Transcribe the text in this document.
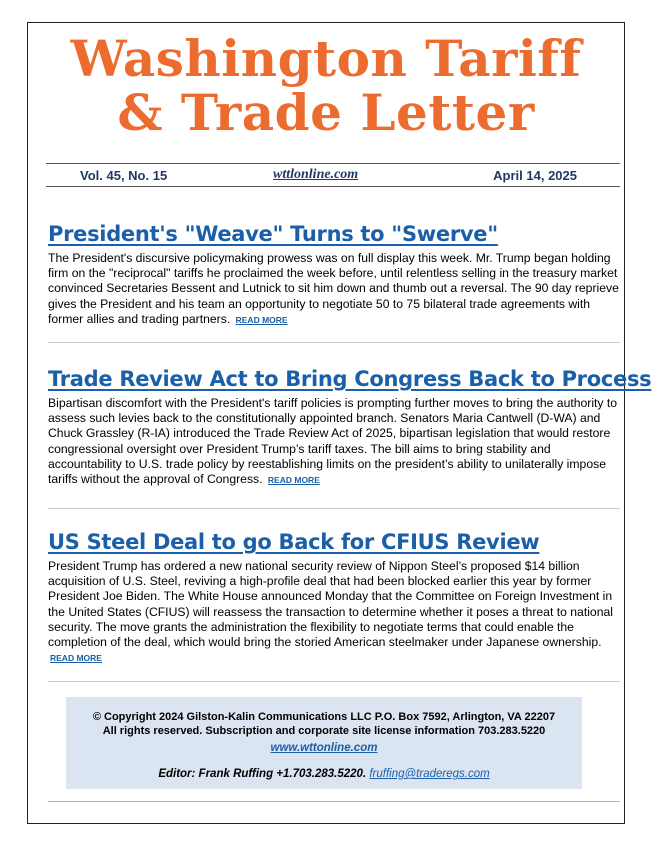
Washington Tariff
& Trade Letter
Vol. 45, No. 15	wttlonline.com	April 14, 2025
President's "Weave" Turns to "Swerve"

The President's discursive policymaking prowess was on full display this week. Mr. Trump began holding firm on the "reciprocal" tariffs he proclaimed the week before, until relentless selling in the treasury market convinced Secretaries Bessent and Lutnick to sit him down and thumb out a reversal. The 90 day reprieve gives the President and his team an opportunity to negotiate 50 to 75 bilateral trade agreements with former allies and trading partners. READ MORE

Trade Review Act to Bring Congress Back to Process

Bipartisan discomfort with the President's tariff policies is prompting further moves to bring the authority to assess such levies back to the constitutionally appointed branch. Senators Maria Cantwell (D-WA) and Chuck Grassley (R-IA) introduced the Trade Review Act of 2025, bipartisan legislation that would restore congressional oversight over President Trump’s tariff taxes. The bill aims to bring stability and accountability to U.S. trade policy by reestablishing limits on the president’s ability to unilaterally impose tariffs without the approval of Congress. READ MORE

US Steel Deal to go Back for CFIUS Review

President Trump has ordered a new national security review of Nippon Steel’s proposed $14 billion acquisition of U.S. Steel, reviving a high-profile deal that had been blocked earlier this year by former President Joe Biden. The White House announced Monday that the Committee on Foreign Investment in the United States (CFIUS) will reassess the transaction to determine whether it poses a threat to national security. The move grants the administration the flexibility to negotiate terms that could enable the completion of the deal, which would bring the storied American steelmaker under Japanese ownership. READ MORE

© Copyright 2024 Gilston-Kalin Communications LLC P.O. Box 7592, Arlington, VA 22207
All rights reserved. Subscription and corporate site license information 703.283.5220
www.wttonline.com
Editor: Frank Ruffing +1.703.283.5220. fruffing@traderegs.com
